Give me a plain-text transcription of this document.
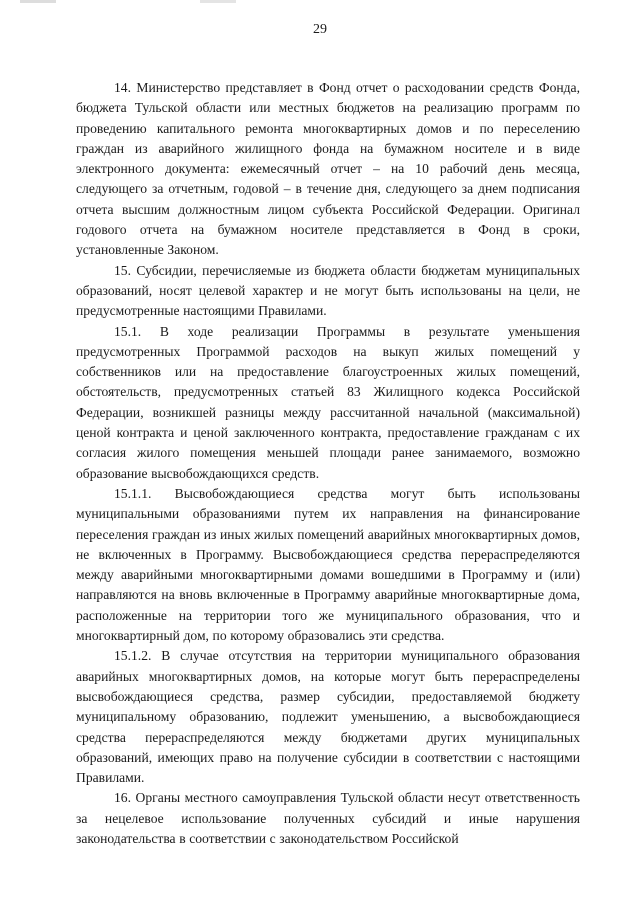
29

14. Министерство представляет в Фонд отчет о расходовании средств Фонда, бюджета Тульской области или местных бюджетов на реализацию программ по проведению капитального ремонта многоквартирных домов и по переселению граждан из аварийного жилищного фонда на бумажном носителе и в виде электронного документа: ежемесячный отчет – на 10 рабочий день месяца, следующего за отчетным, годовой – в течение дня, следующего за днем подписания отчета высшим должностным лицом субъекта Российской Федерации. Оригинал годового отчета на бумажном носителе представляется в Фонд в сроки, установленные Законом.

15. Субсидии, перечисляемые из бюджета области бюджетам муниципальных образований, носят целевой характер и не могут быть использованы на цели, не предусмотренные настоящими Правилами.

15.1. В ходе реализации Программы в результате уменьшения предусмотренных Программой расходов на выкуп жилых помещений у собственников или на предоставление благоустроенных жилых помещений, обстоятельств, предусмотренных статьей 83 Жилищного кодекса Российской Федерации, возникшей разницы между рассчитанной начальной (максимальной) ценой контракта и ценой заключенного контракта, предоставление гражданам с их согласия жилого помещения меньшей площади ранее занимаемого, возможно образование высвобождающихся средств.

15.1.1. Высвобождающиеся средства могут быть использованы муниципальными образованиями путем их направления на финансирование переселения граждан из иных жилых помещений аварийных многоквартирных домов, не включенных в Программу. Высвобождающиеся средства перераспределяются между аварийными многоквартирными домами вошедшими в Программу и (или) направляются на вновь включенные в Программу аварийные многоквартирные дома, расположенные на территории того же муниципального образования, что и многоквартирный дом, по которому образовались эти средства.

15.1.2. В случае отсутствия на территории муниципального образования аварийных многоквартирных домов, на которые могут быть перераспределены высвобождающиеся средства, размер субсидии, предоставляемой бюджету муниципальному образованию, подлежит уменьшению, а высвобождающиеся средства перераспределяются между бюджетами других муниципальных образований, имеющих право на получение субсидии в соответствии с настоящими Правилами.

16. Органы местного самоуправления Тульской области несут ответственность за нецелевое использование полученных субсидий и иные нарушения законодательства в соответствии с законодательством Российской
